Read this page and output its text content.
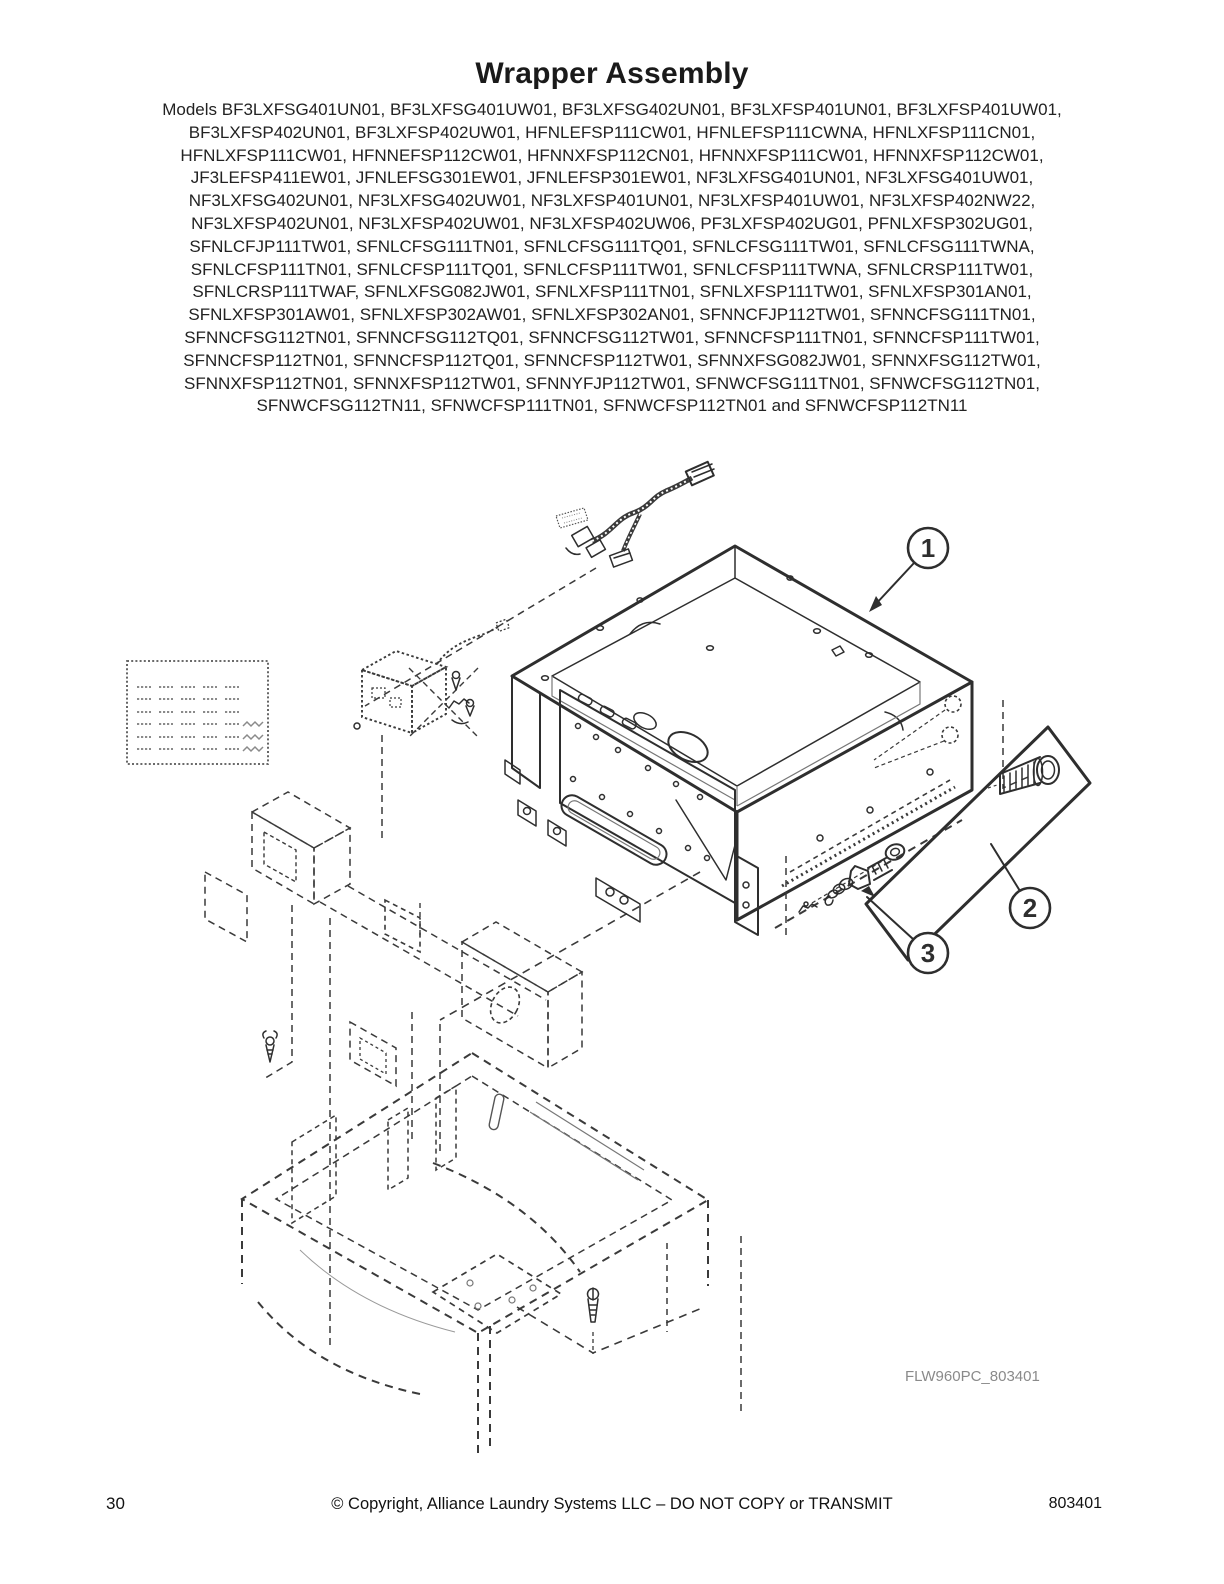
Wrapper Assembly
Models BF3LXFSG401UN01, BF3LXFSG401UW01, BF3LXFSG402UN01, BF3LXFSP401UN01, BF3LXFSP401UW01,
BF3LXFSP402UN01, BF3LXFSP402UW01, HFNLEFSP111CW01, HFNLEFSP111CWNA, HFNLXFSP111CN01,
HFNLXFSP111CW01, HFNNEFSP112CW01, HFNNXFSP112CN01, HFNNXFSP111CW01, HFNNXFSP112CW01,
JF3LEFSP411EW01, JFNLEFSG301EW01, JFNLEFSP301EW01, NF3LXFSG401UN01, NF3LXFSG401UW01,
NF3LXFSG402UN01, NF3LXFSG402UW01, NF3LXFSP401UN01, NF3LXFSP401UW01, NF3LXFSP402NW22,
NF3LXFSP402UN01, NF3LXFSP402UW01, NF3LXFSP402UW06, PF3LXFSP402UG01, PFNLXFSP302UG01,
SFNLCFJP111TW01, SFNLCFSG111TN01, SFNLCFSG111TQ01, SFNLCFSG111TW01, SFNLCFSG111TWNA,
SFNLCFSP111TN01, SFNLCFSP111TQ01, SFNLCFSP111TW01, SFNLCFSP111TWNA, SFNLCRSP111TW01,
SFNLCRSP111TWAF, SFNLXFSG082JW01, SFNLXFSP111TN01, SFNLXFSP111TW01, SFNLXFSP301AN01,
SFNLXFSP301AW01, SFNLXFSP302AW01, SFNLXFSP302AN01, SFNNCFJP112TW01, SFNNCFSG111TN01,
SFNNCFSG112TN01, SFNNCFSG112TQ01, SFNNCFSG112TW01, SFNNCFSP111TN01, SFNNCFSP111TW01,
SFNNCFSP112TN01, SFNNCFSP112TQ01, SFNNCFSP112TW01, SFNNXFSG082JW01, SFNNXFSG112TW01,
SFNNXFSP112TN01, SFNNXFSP112TW01, SFNNYFJP112TW01, SFNWCFSG111TN01, SFNWCFSG112TN01,
SFNWCFSG112TN11, SFNWCFSP111TN01, SFNWCFSP112TN01 and SFNWCFSP112TN11
1
2
3
FLW960PC_803401
30	© Copyright, Alliance Laundry Systems LLC – DO NOT COPY or TRANSMIT	803401
